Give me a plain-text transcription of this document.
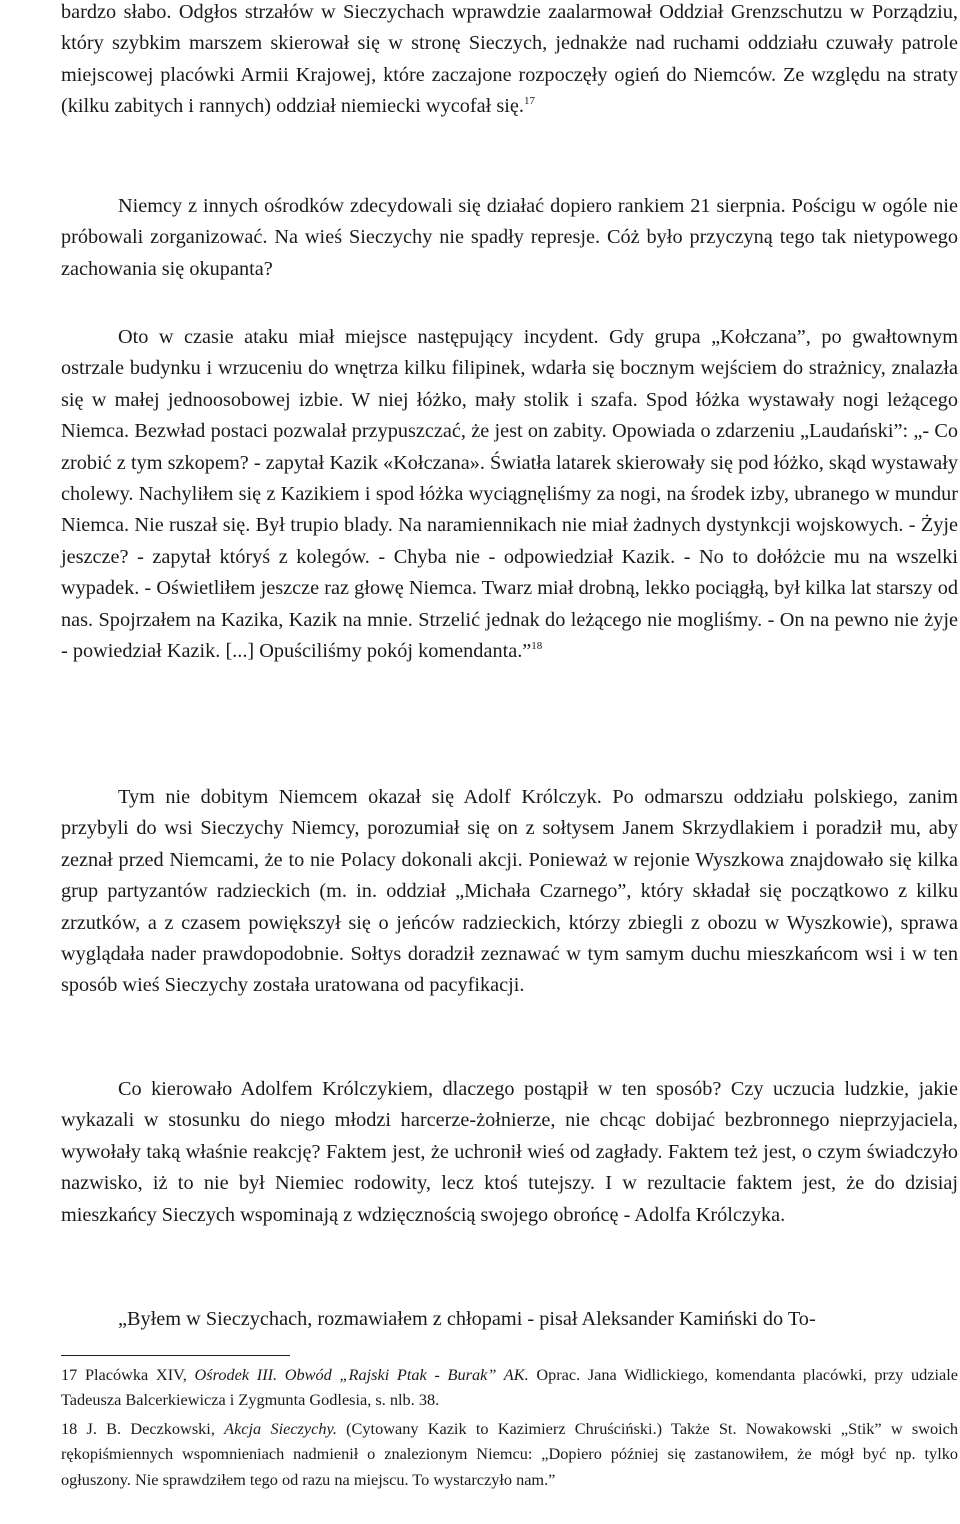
bardzo słabo. Odgłos strzałów w Sieczychach wprawdzie zaalarmował Oddział Grenzschutzu w Porządziu, który szybkim marszem skierował się w stronę Sieczych, jednakże nad ruchami oddziału czuwały patrole miejscowej placówki Armii Krajowej, które zaczajone rozpoczęły ogień do Niemców. Ze względu na straty (kilku zabitych i rannych) oddział niemiecki wycofał się.$^{17}$

Niemcy z innych ośrodków zdecydowali się działać dopiero rankiem 21 sierpnia. Pościgu w ogóle nie próbowali zorganizować. Na wieś Sieczychy nie spadły represje. Cóż było przyczyną tego tak nietypowego zachowania się okupanta?

Oto w czasie ataku miał miejsce następujący incydent. Gdy grupa „Kołczana”, po gwałtownym ostrzale budynku i wrzuceniu do wnętrza kilku filipinek, wdarła się bocznym wejściem do strażnicy, znalazła się w małej jednoosobowej izbie. W niej łóżko, mały stolik i szafa. Spod łóżka wystawały nogi leżącego Niemca. Bezwład postaci pozwalał przypuszczać, że jest on zabity. Opowiada o zdarzeniu „Laudański”: „- Co zrobić z tym szkopem? - zapytał Kazik «Kołczana». Światła latarek skierowały się pod łóżko, skąd wystawały cholewy. Nachyliłem się z Kazikiem i spod łóżka wyciągnęliśmy za nogi, na środek izby, ubranego w mundur Niemca. Nie ruszał się. Był trupio blady. Na naramiennikach nie miał żadnych dystynkcji wojskowych. - Żyje jeszcze? - zapytał któryś z kolegów. - Chyba nie - odpowiedział Kazik. - No to dołóżcie mu na wszelki wypadek. - Oświetliłem jeszcze raz głowę Niemca. Twarz miał drobną, lekko pociągłą, był kilka lat starszy od nas. Spojrzałem na Kazika, Kazik na mnie. Strzelić jednak do leżącego nie mogliśmy. - On na pewno nie żyje - powiedział Kazik. [...] Opuściliśmy pokój komendanta.”$^{18}$

Tym nie dobitym Niemcem okazał się Adolf Królczyk. Po odmarszu oddziału polskiego, zanim przybyli do wsi Sieczychy Niemcy, porozumiał się on z sołtysem Janem Skrzydlakiem i poradził mu, aby zeznał przed Niemcami, że to nie Polacy dokonali akcji. Ponieważ w rejonie Wyszkowa znajdowało się kilka grup partyzantów radzieckich (m. in. oddział „Michała Czarnego”, który składał się początkowo z kilku zrzutków, a z czasem powiększył się o jeńców radzieckich, którzy zbiegli z obozu w Wyszkowie), sprawa wyglądała nader prawdopodobnie. Sołtys doradził zeznawać w tym samym duchu mieszkańcom wsi i w ten sposób wieś Sieczychy została uratowana od pacyfikacji.

Co kierowało Adolfem Królczykiem, dlaczego postąpił w ten sposób? Czy uczucia ludzkie, jakie wykazali w stosunku do niego młodzi harcerze-żołnierze, nie chcąc dobijać bezbronnego nieprzyjaciela, wywołały taką właśnie reakcję? Faktem jest, że uchronił wieś od zagłady. Faktem też jest, o czym świadczyło nazwisko, iż to nie był Niemiec rodowity, lecz ktoś tutejszy. I w rezultacie faktem jest, że do dzisiaj mieszkańcy Sieczych wspominają z wdzięcznością swojego obrońcę - Adolfa Królczyka.

„Byłem w Sieczychach, rozmawiałem z chłopami - pisał Aleksander Kamiński do To-

17 Placówka XIV, Ośrodek III. Obwód „Rajski Ptak - Burak” AK. Oprac. Jana Widlickiego, komendanta placówki, przy udziale Tadeusza Balcerkiewicza i Zygmunta Godlesia, s. nlb. 38.

18 J. B. Deczkowski, Akcja Sieczychy. (Cytowany Kazik to Kazimierz Chruściński.) Także St. Nowakowski „Stik” w swoich rękopiśmiennych wspomnieniach nadmienił o znalezionym Niemcu: „Dopiero później się zastanowiłem, że mógł być np. tylko ogłuszony. Nie sprawdziłem tego od razu na miejscu. To wystarczyło nam.”
